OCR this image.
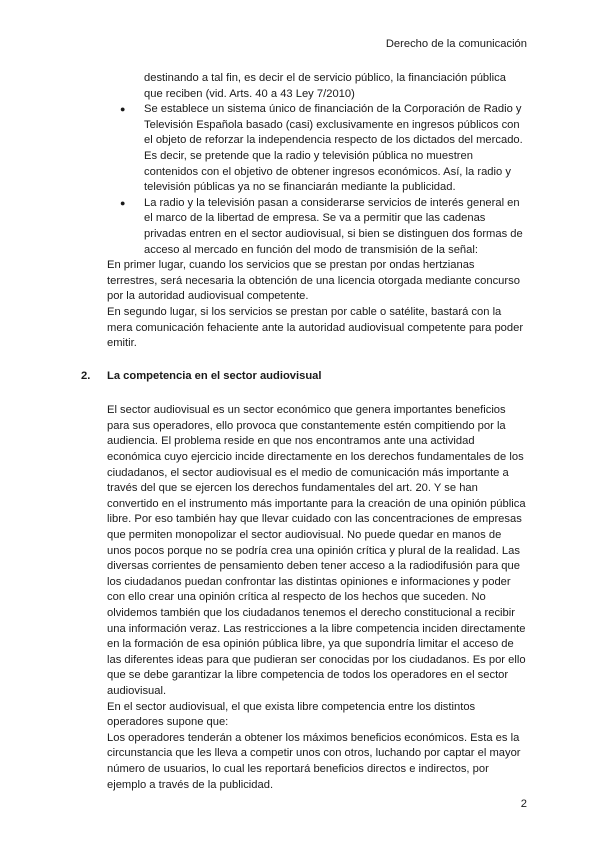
Derecho de la comunicación

destinando a tal fin, es decir el de servicio público, la financiación pública que reciben (vid. Arts. 40 a 43 Ley 7/2010)

● Se establece un sistema único de financiación de la Corporación de Radio y Televisión Española basado (casi) exclusivamente en ingresos públicos con el objeto de reforzar la independencia respecto de los dictados del mercado. Es decir, se pretende que la radio y televisión pública no muestren contenidos con el objetivo de obtener ingresos económicos. Así, la radio y televisión públicas ya no se financiarán mediante la publicidad.

● La radio y la televisión pasan a considerarse servicios de interés general en el marco de la libertad de empresa. Se va a permitir que las cadenas privadas entren en el sector audiovisual, si bien se distinguen dos formas de acceso al mercado en función del modo de transmisión de la señal:

En primer lugar, cuando los servicios que se prestan por ondas hertzianas terrestres, será necesaria la obtención de una licencia otorgada mediante concurso por la autoridad audiovisual competente.

En segundo lugar, si los servicios se prestan por cable o satélite, bastará con la mera comunicación fehaciente ante la autoridad audiovisual competente para poder emitir.

2. La competencia en el sector audiovisual

El sector audiovisual es un sector económico que genera importantes beneficios para sus operadores, ello provoca que constantemente estén compitiendo por la audiencia. El problema reside en que nos encontramos ante una actividad económica cuyo ejercicio incide directamente en los derechos fundamentales de los ciudadanos, el sector audiovisual es el medio de comunicación más importante a través del que se ejercen los derechos fundamentales del art. 20. Y se han convertido en el instrumento más importante para la creación de una opinión pública libre. Por eso también hay que llevar cuidado con las concentraciones de empresas que permiten monopolizar el sector audiovisual. No puede quedar en manos de unos pocos porque no se podría crea una opinión crítica y plural de la realidad. Las diversas corrientes de pensamiento deben tener acceso a la radiodifusión para que los ciudadanos puedan confrontar las distintas opiniones e informaciones y poder con ello crear una opinión crítica al respecto de los hechos que suceden. No olvidemos también que los ciudadanos tenemos el derecho constitucional a recibir una información veraz. Las restricciones a la libre competencia inciden directamente en la formación de esa opinión pública libre, ya que supondría limitar el acceso de las diferentes ideas para que pudieran ser conocidas por los ciudadanos. Es por ello que se debe garantizar la libre competencia de todos los operadores en el sector audiovisual.

En el sector audiovisual, el que exista libre competencia entre los distintos operadores supone que:

Los operadores tenderán a obtener los máximos beneficios económicos. Esta es la circunstancia que les lleva a competir unos con otros, luchando por captar el mayor número de usuarios, lo cual les reportará beneficios directos e indirectos, por ejemplo a través de la publicidad.

2
